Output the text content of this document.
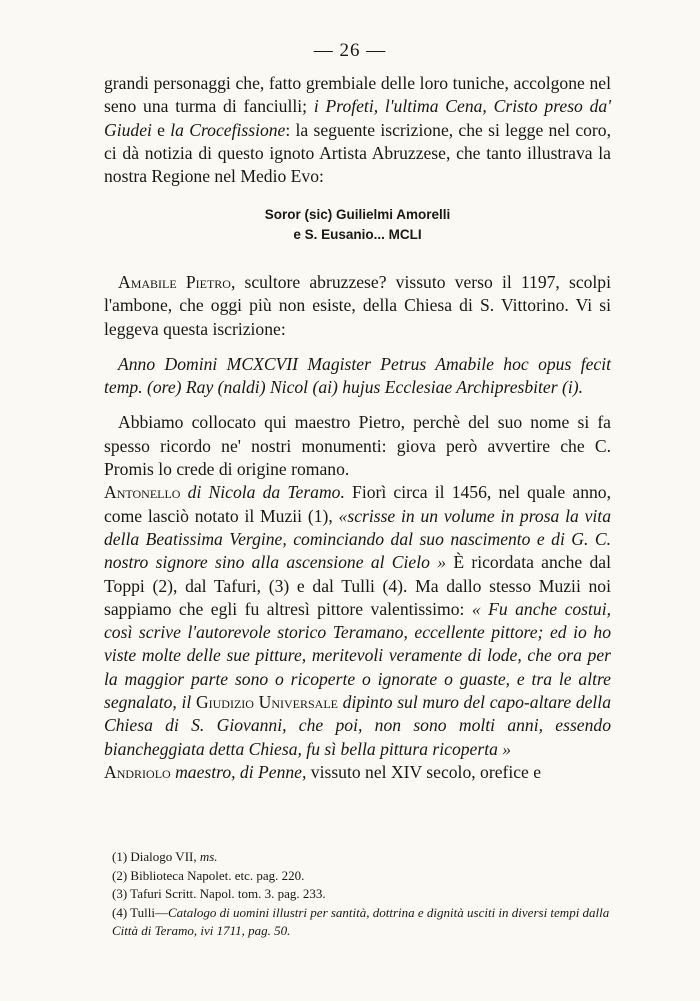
— 26 —

grandi personaggi che, fatto grembiale delle loro tuniche, accolgone nel seno una turma di fanciulli; i Profeti, l'ultima Cena, Cristo preso da' Giudei e la Crocefissione: la seguente iscrizione, che si legge nel coro, ci dà notizia di questo ignoto Artista Abruzzese, che tanto illustrava la nostra Regione nel Medio Evo:

Soror (sic) Guilielmi Amorelli
e S. Eusanio... MCLI

Amabile Pietro, scultore abruzzese? vissuto verso il 1197, scolpi l'ambone, che oggi più non esiste, della Chiesa di S. Vittorino. Vi si leggeva questa iscrizione:

Anno Domini MCXCVII Magister Petrus Amabile hoc opus fecit temp. (ore) Ray (naldi) Nicol (ai) hujus Ecclesiae Archipresbiter (i).

Abbiamo collocato qui maestro Pietro, perchè del suo nome si fa spesso ricordo ne' nostri monumenti: giova però avvertire che C. Promis lo crede di origine romano.

Antonello di Nicola da Teramo. Fiorì circa il 1456, nel quale anno, come lasciò notato il Muzii (1), «scrisse in un volume in prosa la vita della Beatissima Vergine, cominciando dal suo nascimento e di G. C. nostro signore sino alla ascensione al Cielo » È ricordata anche dal Toppi (2), dal Tafuri, (3) e dal Tulli (4). Ma dallo stesso Muzii noi sappiamo che egli fu altresì pittore valentissimo: « Fu anche costui, così scrive l'autorevole storico Teramano, eccellente pittore; ed io ho viste molte delle sue pitture, meritevoli veramente di lode, che ora per la maggior parte sono o ricoperte o ignorate o guaste, e tra le altre segnalato, il Giudizio Universale dipinto sul muro del capo-altare della Chiesa di S. Giovanni, che poi, non sono molti anni, essendo biancheggiata detta Chiesa, fu sì bella pittura ricoperta »

Andriolo maestro, di Penne, vissuto nel XIV secolo, orefice e

(1) Dialogo VII, ms.
(2) Biblioteca Napolet. etc. pag. 220.
(3) Tafuri Scritt. Napol. tom. 3. pag. 233.
(4) Tulli—Catalogo di uomini illustri per santità, dottrina e dignità usciti in diversi tempi dalla Città di Teramo, ivi 1711, pag. 50.
